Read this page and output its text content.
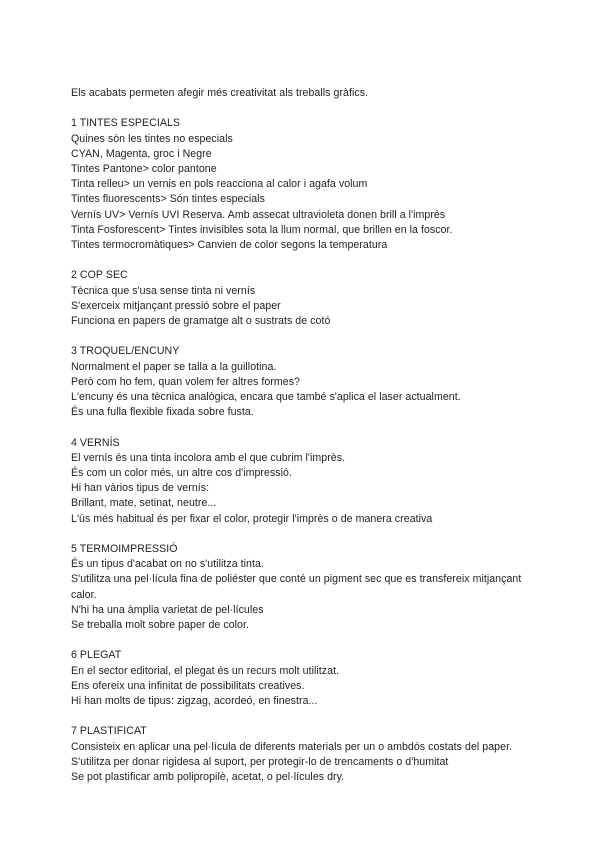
Els acabats permeten afegir més creativitat als treballs gràfics.

1 TINTES ESPECIALS

Quines són les tintes no especials

CYAN, Magenta, groc i Negre

Tintes Pantone> color pantone

Tinta relleu> un vernis en pols reacciona al calor i agafa volum

Tintes fluorescents> Són tintes especials

Vernís UV> Vernís UVI Reserva. Amb assecat ultravioleta donen brill a l'imprès

Tinta Fosforescent> Tintes invisibles sota la llum normal, que brillen en la foscor.

Tintes termocromàtiques> Canvien de color segons la temperatura

2 COP SEC

Tècnica que s'usa sense tinta ni vernís

S'exerceix mitjançant pressió sobre el paper

Funciona en papers de gramatge alt o sustrats de cotó

3 TROQUEL/ENCUNY

Normalment el paper se talla a la guillotina.

Però com ho fem, quan volem fer altres formes?

L'encuny és una tècnica analògica, encara que també s'aplica el laser actualment.

És una fulla flexible fixada sobre fusta.

4 VERNÍS

El vernís és una tinta incolora amb el que cubrim l'imprès.

És com un color més, un altre cos d'impressió.

Hi han vàrios tipus de vernís:

Brillant, mate, setinat, neutre...

L'ús més habitual és per fixar el color, protegir l'imprès o de manera creativa

5 TERMOIMPRESSIÓ

És un tipus d'acabat on no s'utilitza tinta.

S'utilitza una pel·lícula fina de poliéster que conté un pigment sec que es transfereix mitjançant calor.

N'hi ha una àmplia varietat de pel·lícules

Se treballa molt sobre paper de color.

6 PLEGAT

En el sector editorial, el plegat és un recurs molt utilitzat.

Ens ofereix una infinitat de possibilitats creatives.

Hi han molts de tipus: zigzag, acordeó, en finestra...

7 PLASTIFICAT

Consisteix en aplicar una pel·lícula de diferents materials per un o ambdós costats del paper.

S'utilitza per donar rigidesa al suport, per protegir-lo de trencaments o d'humitat

Se pot plastificar amb polipropilè, acetat, o pel·lícules dry.
